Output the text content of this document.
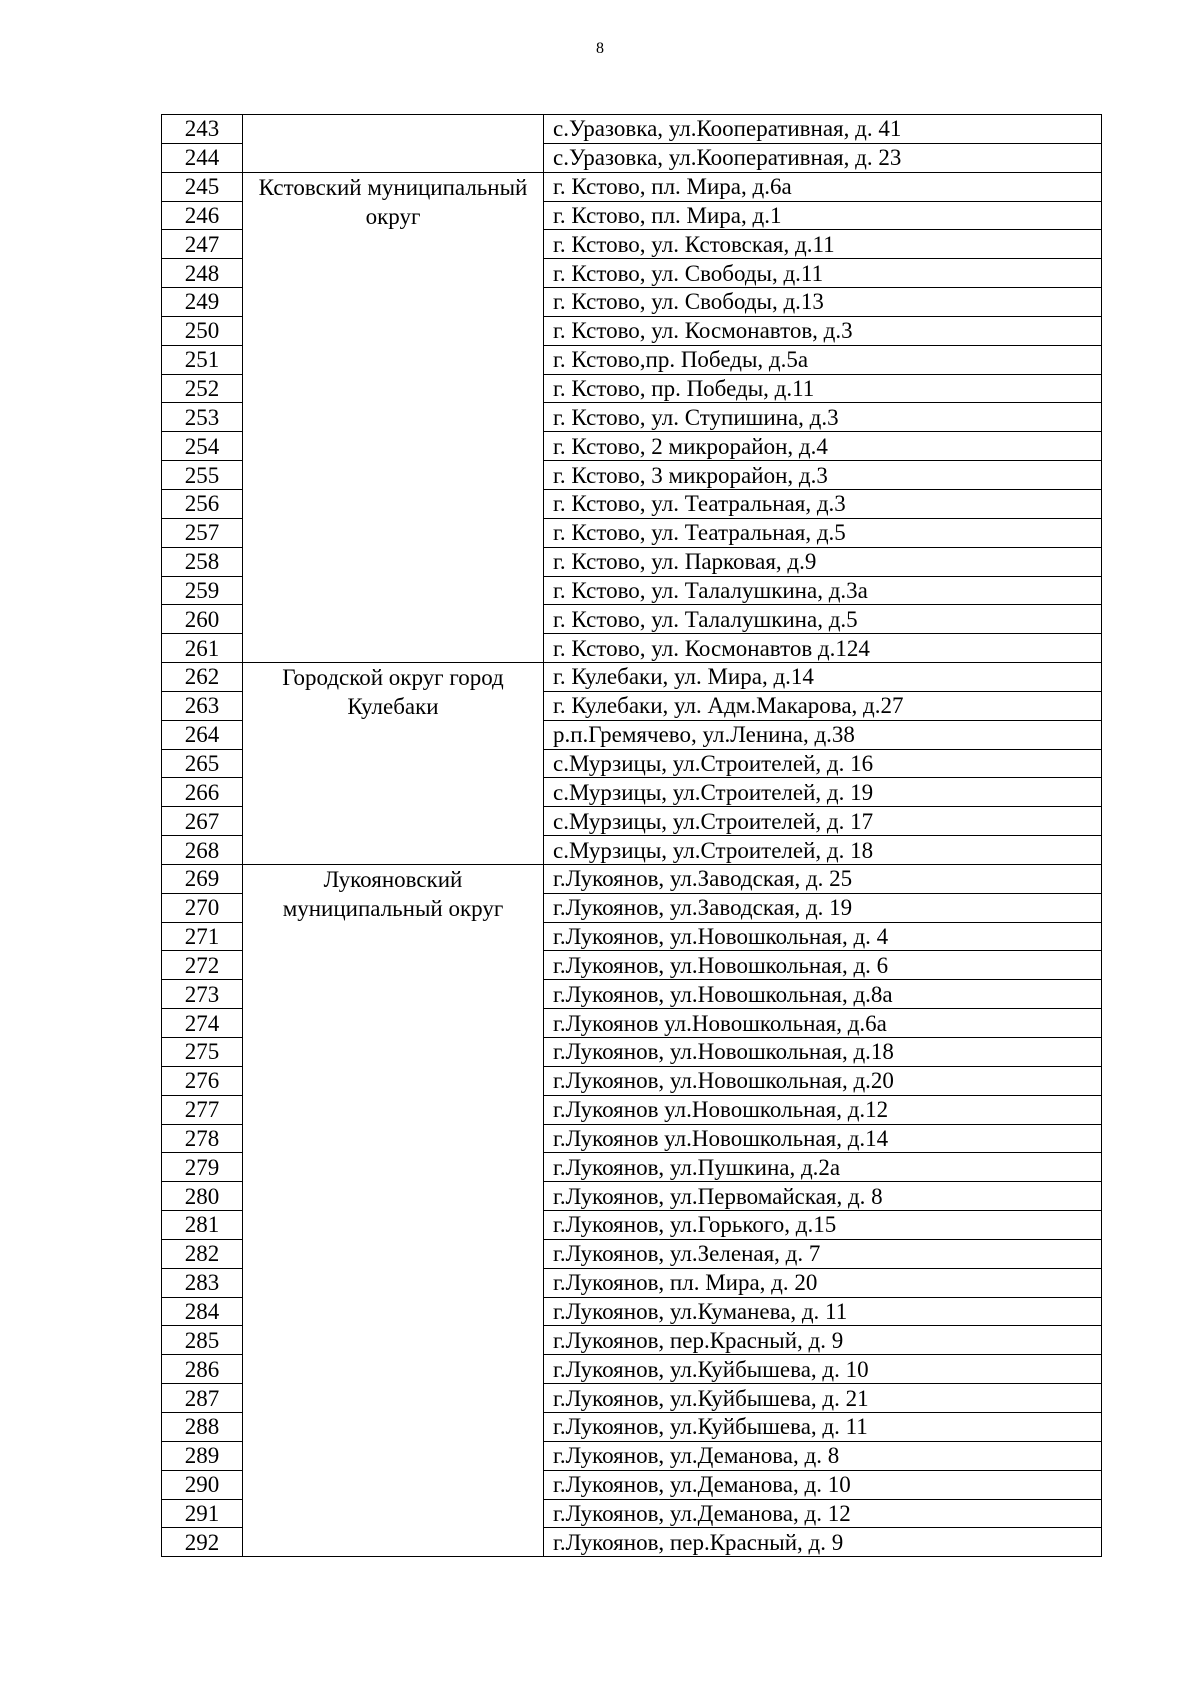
8
243		с.Уразовка, ул.Кооперативная, д. 41
244		с.Уразовка, ул.Кооперативная, д. 23
245	Кстовский муниципальный округ	г. Кстово, пл. Мира, д.6а
246		г. Кстово, пл. Мира, д.1
247		г. Кстово, ул. Кстовская, д.11
248		г. Кстово, ул. Свободы, д.11
249		г. Кстово, ул. Свободы, д.13
250		г. Кстово, ул. Космонавтов, д.3
251		г. Кстово,пр. Победы, д.5а
252		г. Кстово, пр. Победы, д.11
253		г. Кстово, ул. Ступишина, д.3
254		г. Кстово, 2 микрорайон, д.4
255		г. Кстово, 3 микрорайон, д.3
256		г. Кстово, ул. Театральная, д.3
257		г. Кстово, ул. Театральная, д.5
258		г. Кстово, ул. Парковая, д.9
259		г. Кстово, ул. Талалушкина, д.3а
260		г. Кстово, ул. Талалушкина, д.5
261		г. Кстово, ул. Космонавтов д.124
262	Городской округ город Кулебаки	г. Кулебаки, ул. Мира, д.14
263		г. Кулебаки, ул. Адм.Макарова, д.27
264		р.п.Гремячево, ул.Ленина, д.38
265		с.Мурзицы, ул.Строителей, д. 16
266		с.Мурзицы, ул.Строителей, д. 19
267		с.Мурзицы, ул.Строителей, д. 17
268		с.Мурзицы, ул.Строителей, д. 18
269	Лукояновский муниципальный округ	г.Лукоянов, ул.Заводская, д. 25
270		г.Лукоянов, ул.Заводская, д. 19
271		г.Лукоянов, ул.Новошкольная, д. 4
272		г.Лукоянов, ул.Новошкольная, д. 6
273		г.Лукоянов, ул.Новошкольная, д.8а
274		г.Лукоянов ул.Новошкольная, д.6а
275		г.Лукоянов, ул.Новошкольная, д.18
276		г.Лукоянов, ул.Новошкольная, д.20
277		г.Лукоянов ул.Новошкольная, д.12
278		г.Лукоянов ул.Новошкольная, д.14
279		г.Лукоянов, ул.Пушкина, д.2а
280		г.Лукоянов, ул.Первомайская, д. 8
281		г.Лукоянов, ул.Горького, д.15
282		г.Лукоянов, ул.Зеленая, д. 7
283		г.Лукоянов, пл. Мира, д. 20
284		г.Лукоянов, ул.Куманева, д. 11
285		г.Лукоянов, пер.Красный, д. 9
286		г.Лукоянов, ул.Куйбышева, д. 10
287		г.Лукоянов, ул.Куйбышева, д. 21
288		г.Лукоянов, ул.Куйбышева, д. 11
289		г.Лукоянов, ул.Деманова, д. 8
290		г.Лукоянов, ул.Деманова, д. 10
291		г.Лукоянов, ул.Деманова, д. 12
292		г.Лукоянов, пер.Красный, д. 9
